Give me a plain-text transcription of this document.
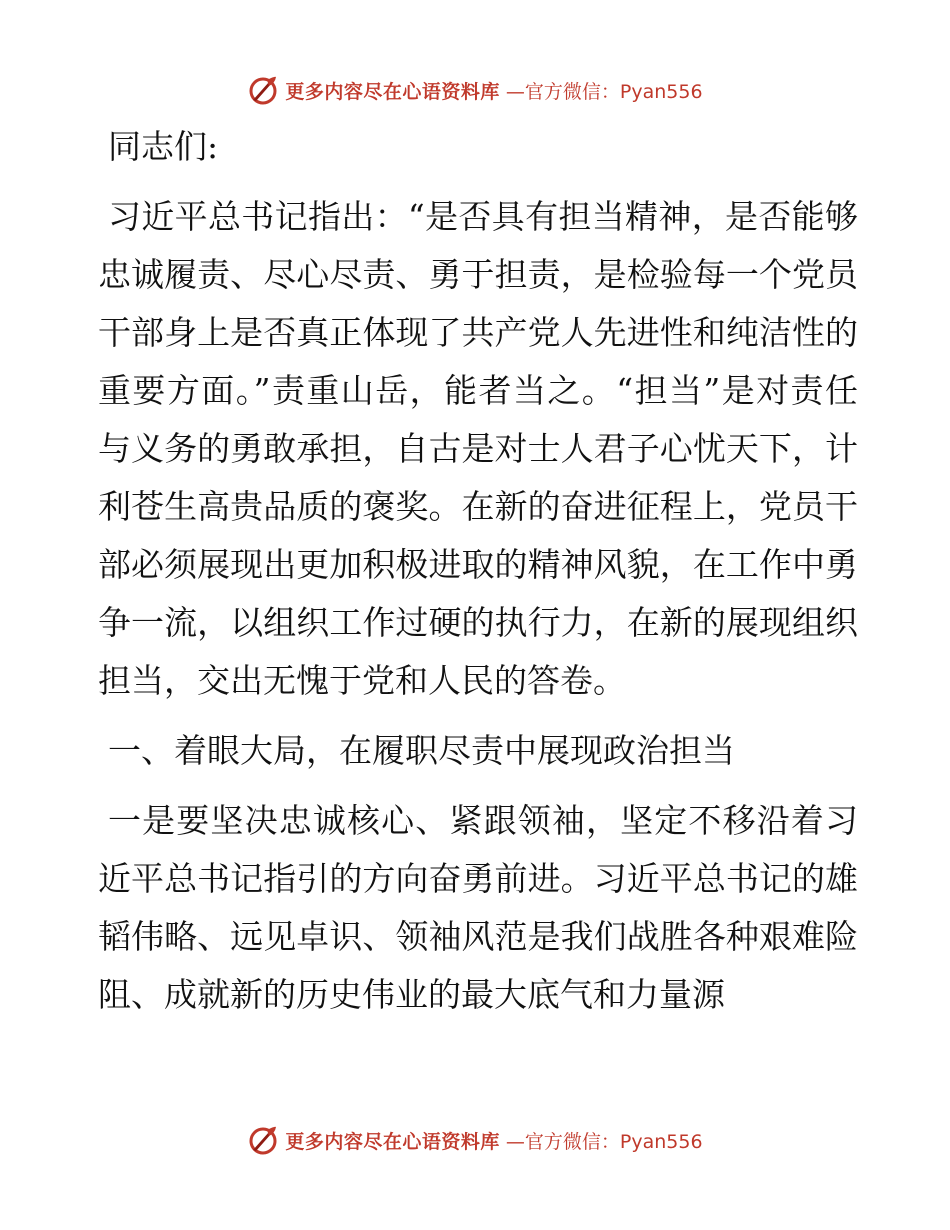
更多内容尽在心语资料库 —官方微信：Pyan556

同志们:

习近平总书记指出：“是否具有担当精神，是否能够忠诚履责、尽心尽责、勇于担责，是检验每一个党员干部身上是否真正体现了共产党人先进性和纯洁性的重要方面。”责重山岳，能者当之。“担当”是对责任与义务的勇敢承担，自古是对士人君子心忧天下，计利苍生高贵品质的褒奖。在新的奋进征程上，党员干部必须展现出更加积极进取的精神风貌，在工作中勇争一流，以组织工作过硬的执行力，在新的展现组织担当，交出无愧于党和人民的答卷。

一、着眼大局，在履职尽责中展现政治担当

一是要坚决忠诚核心、紧跟领袖，坚定不移沿着习近平总书记指引的方向奋勇前进。习近平总书记的雄韬伟略、远见卓识、领袖风范是我们战胜各种艰难险阻、成就新的历史伟业的最大底气和力量源

更多内容尽在心语资料库 —官方微信：Pyan556
